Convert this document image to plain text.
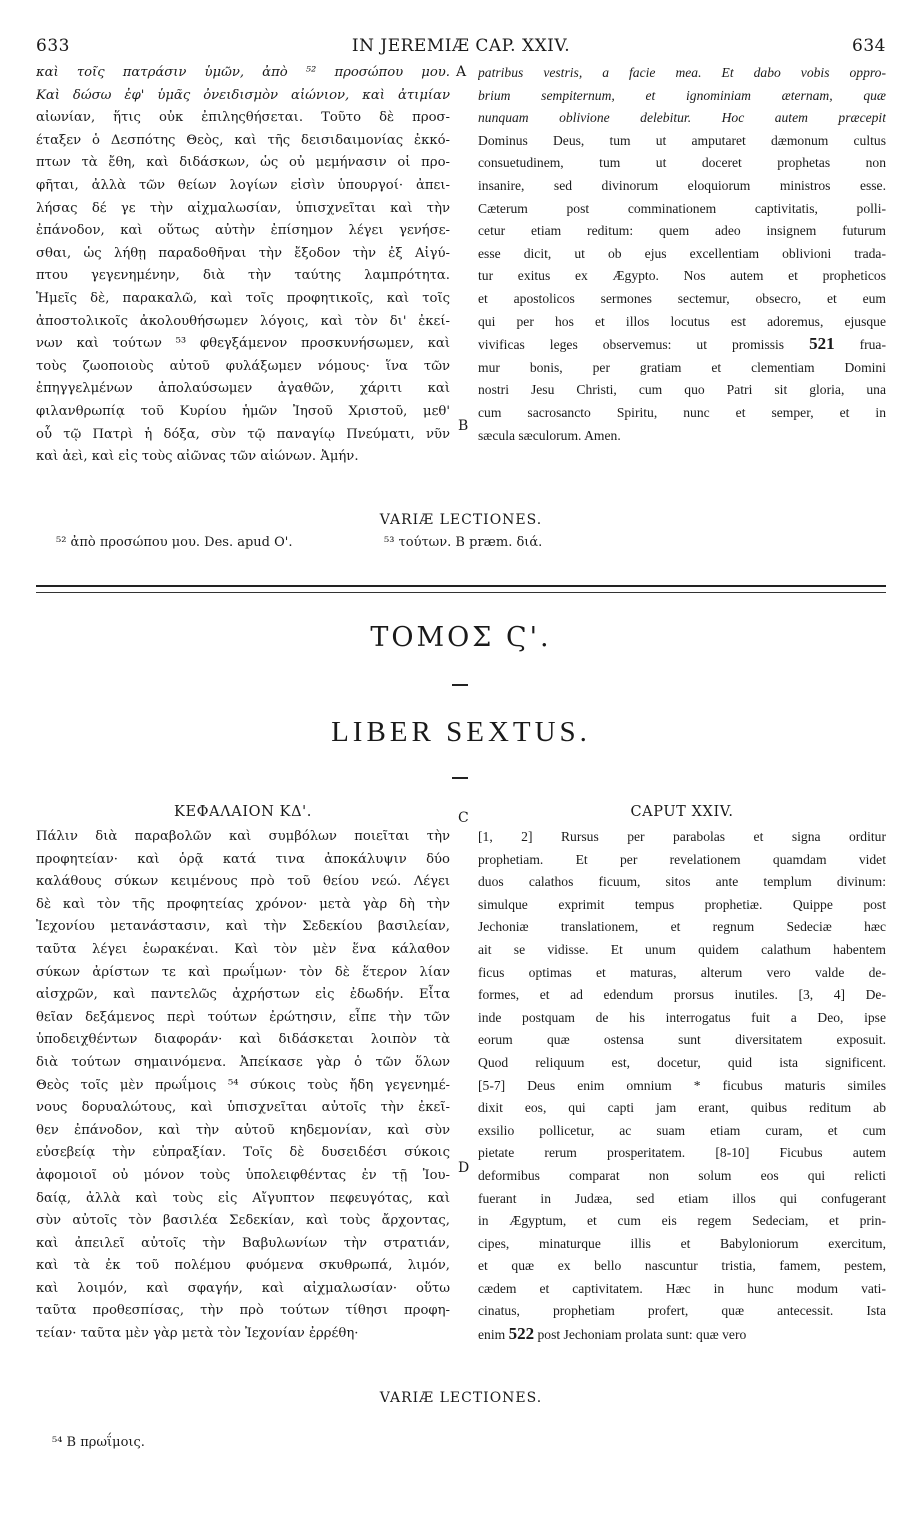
633	IN JEREMIÆ CAP. XXIV.	634
καὶ τοῖς πατράσιν ὑμῶν, ἀπὸ ⁵² προσώπου μου.
Καὶ δώσω ἐφ' ὑμᾶς ὀνειδισμὸν αἰώνιον, καὶ ἀτιμίαν
αἰωνίαν, ἥτις οὐκ ἐπιληςθήσεται. Τοῦτο δὲ προσ-
έταξεν ὁ Δεσπότης Θεὸς, καὶ τῆς δεισιδαιμονίας ἐκκό-
πτων τὰ ἔθη, καὶ διδάσκων, ὡς οὐ μεμήνασιν οἱ προ-
φῆται, ἀλλὰ τῶν θείων λογίων εἰσὶν ὑπουργοί· ἀπει-
λήσας δέ γε τὴν αἰχμαλωσίαν, ὑπισχνεῖται καὶ τὴν
ἐπάνοδον, καὶ οὕτως αὐτὴν ἐπίσημον λέγει γενήσε-
σθαι, ὡς λήθῃ παραδοθῆναι τὴν ἔξοδον τὴν ἐξ Αἰγύ-
πτου γεγενημένην, διὰ τὴν ταύτης λαμπρότητα.
Ἡμεῖς δὲ, παρακαλῶ, καὶ τοῖς προφητικοῖς, καὶ τοῖς
ἀποστολικοῖς ἀκολουθήσωμεν λόγοις, καὶ τὸν δι' ἐκεί-
νων καὶ τούτων ⁵³ φθεγξάμενον προσκυνήσωμεν, καὶ
τοὺς ζωοποιοὺς αὐτοῦ φυλάξωμεν νόμους· ἵνα τῶν
ἐπηγγελμένων ἀπολαύσωμεν ἀγαθῶν, χάριτι καὶ
φιλανθρωπίᾳ τοῦ Κυρίου ἡμῶν Ἰησοῦ Χριστοῦ, μεθ'
οὗ τῷ Πατρὶ ἡ δόξα, σὺν τῷ παναγίῳ Πνεύματι, νῦν
καὶ ἀεὶ, καὶ εἰς τοὺς αἰῶνας τῶν αἰώνων. Ἀμήν.
A
B

patribus vestris, a facie mea. Et dabo vobis oppro-
brium sempiternum, et ignominiam æternam, quæ
nunquam oblivione delebitur. Hoc autem præcepit
Dominus Deus, tum ut amputaret dæmonum cultus
consuetudinem, tum ut doceret prophetas non
insanire, sed divinorum eloquiorum ministros esse.
Cæterum post comminationem captivitatis, polli-
cetur etiam reditum: quem adeo insignem futurum
esse dicit, ut ob ejus excellentiam oblivioni trada-
tur exitus ex Ægypto. Nos autem et propheticos
et apostolicos sermones sectemur, obsecro, et eum
qui per hos et illos locutus est adoremus, ejusque
vivificas leges observemus: ut promissis 521 frua-
mur bonis, per gratiam et clementiam Domini
nostri Jesu Christi, cum quo Patri sit gloria, una
cum sacrosancto Spiritu, nunc et semper, et in
sæcula sæculorum. Amen.

VARIÆ LECTIONES.
⁵² ἀπὸ προσώπου μου. Des. apud Ο'.	⁵³ τούτων. B præm. διά.
ΤΟΜΟΣ Ϛ'.
LIBER SEXTUS.
ΚΕΦΑΛΑΙΟΝ ΚΔ'.	C	CAPUT XXIV.
Πάλιν διὰ παραβολῶν καὶ συμβόλων ποιεῖται τὴν
προφητείαν· καὶ ὁρᾷ κατά τινα ἀποκάλυψιν δύο
καλάθους σύκων κειμένους πρὸ τοῦ θείου νεώ. Λέγει
δὲ καὶ τὸν τῆς προφητείας χρόνον· μετὰ γὰρ δὴ τὴν
Ἰεχονίου μετανάστασιν, καὶ τὴν Σεδεκίου βασιλείαν,
ταῦτα λέγει ἑωρακέναι. Καὶ τὸν μὲν ἕνα κάλαθον
σύκων ἀρίστων τε καὶ πρωΐμων· τὸν δὲ ἕτερον λίαν
αἰσχρῶν, καὶ παντελῶς ἀχρήστων εἰς ἐδωδήν. Εἶτα
θεῖαν δεξάμενος περὶ τούτων ἐρώτησιν, εἶπε τὴν τῶν
ὑποδειχθέντων διαφοράν· καὶ διδάσκεται λοιπὸν τὰ
διὰ τούτων σημαινόμενα. Ἀπείκασε γὰρ ὁ τῶν ὅλων
Θεὸς τοῖς μὲν πρωΐμοις ⁵⁴ σύκοις τοὺς ἤδη γεγενημέ-
νους δορυαλώτους, καὶ ὑπισχνεῖται αὐτοῖς τὴν ἐκεῖ-
θεν ἐπάνοδον, καὶ τὴν αὐτοῦ κηδεμονίαν, καὶ σὺν
εὐσεβείᾳ τὴν εὐπραξίαν. Τοῖς δὲ δυσειδέσι σύκοις
ἀφομοιοῖ οὐ μόνον τοὺς ὑπολειφθέντας ἐν τῇ Ἰου-
δαίᾳ, ἀλλὰ καὶ τοὺς εἰς Αἴγυπτον πεφευγότας, καὶ
σὺν αὐτοῖς τὸν βασιλέα Σεδεκίαν, καὶ τοὺς ἄρχοντας,
καὶ ἀπειλεῖ αὐτοῖς τὴν Βαβυλωνίων τὴν στρατιάν,
καὶ τὰ ἐκ τοῦ πολέμου φυόμενα σκυθρωπά, λιμόν,
καὶ λοιμόν, καὶ σφαγήν, καὶ αἰχμαλωσίαν· οὕτω
ταῦτα προθεσπίσας, τὴν πρὸ τούτων τίθησι προφη-
τείαν· ταῦτα μὲν γὰρ μετὰ τὸν Ἰεχονίαν ἐρρέθη·
D

[1, 2] Rursus per parabolas et signa orditur
prophetiam. Et per revelationem quamdam videt
duos calathos ficuum, sitos ante templum divinum:
simulque exprimit tempus prophetiæ. Quippe post
Jechoniæ translationem, et regnum Sedeciæ hæc
ait se vidisse. Et unum quidem calathum habentem
ficus optimas et maturas, alterum vero valde de-
formes, et ad edendum prorsus inutiles. [3, 4] De-
inde postquam de his interrogatus fuit a Deo, ipse
eorum quæ ostensa sunt diversitatem exposuit.
Quod reliquum est, docetur, quid ista significent.
[5-7] Deus enim omnium * ficubus maturis similes
dixit eos, qui capti jam erant, quibus reditum ab
exsilio pollicetur, ac suam etiam curam, et cum
pietate rerum prosperitatem. [8-10] Ficubus autem
deformibus comparat non solum eos qui relicti
fuerant in Judæa, sed etiam illos qui confugerant
in Ægyptum, et cum eis regem Sedeciam, et prin-
cipes, minaturque illis et Babyloniorum exercitum,
et quæ ex bello nascuntur tristia, famem, pestem,
cædem et captivitatem. Hæc in hunc modum vati-
cinatus, prophetiam profert, quæ antecessit. Ista
enim 522 post Jechoniam prolata sunt: quæ vero

VARIÆ LECTIONES.
⁵⁴ B πρωΐμοις.
